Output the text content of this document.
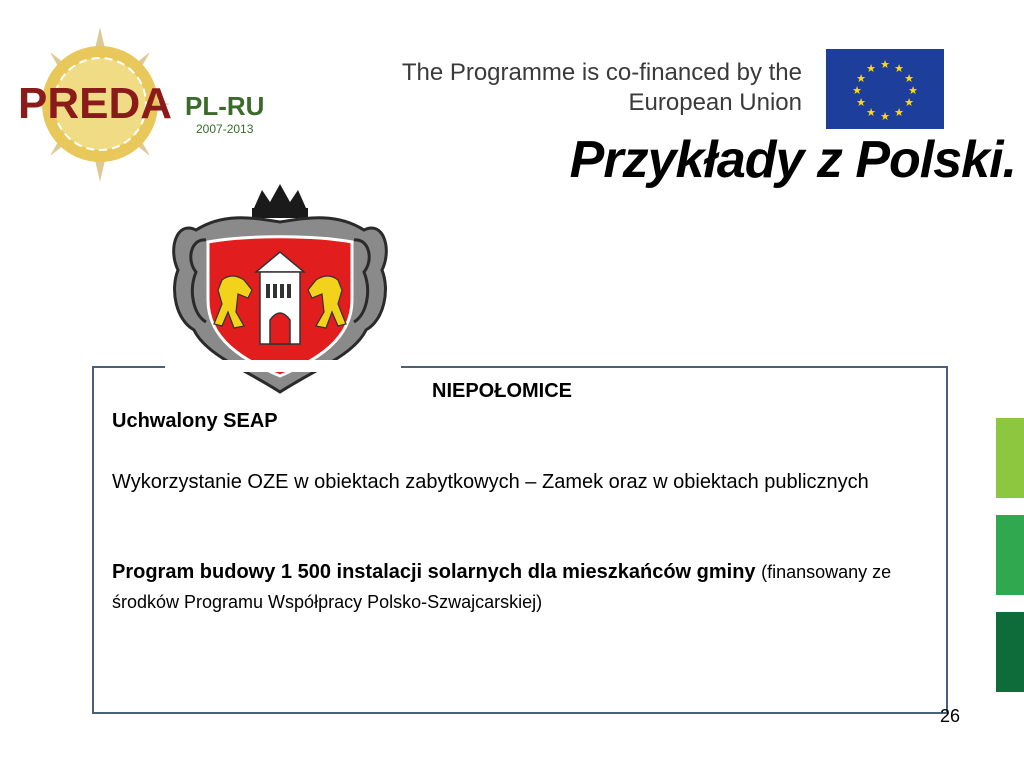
PREDA PL-RU
2007-2013
The Programme is co-financed by the
European Union
★ ★
★
★
★
★
★
★
★
★
★
★
Przykłady z Polski.
NIEPOŁOMICE
Uchwalony SEAP
Wykorzystanie OZE w obiektach zabytkowych – Zamek oraz w obiektach publicznych
Program budowy 1 500 instalacji solarnych dla mieszkańców gminy (finansowany ze środków Programu Współpracy Polsko-Szwajcarskiej)
26
